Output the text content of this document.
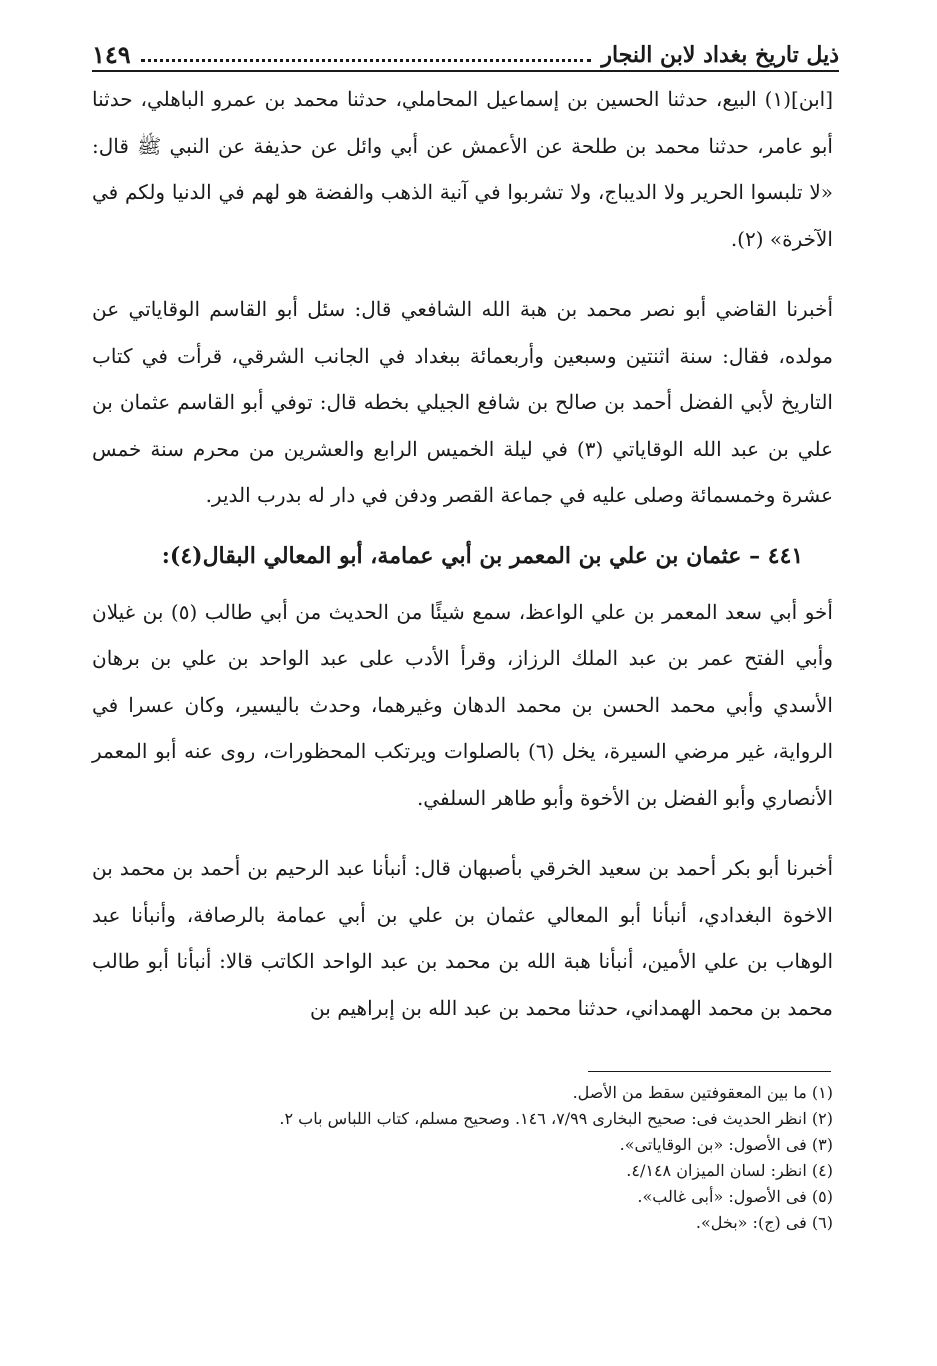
١٤٩	ذيل تاريخ بغداد لابن النجار

[ابن](١) البيع، حدثنا الحسين بن إسماعيل المحاملي، حدثنا محمد بن عمرو الباهلي، حدثنا أبو عامر، حدثنا محمد بن طلحة عن الأعمش عن أبي وائل عن حذيفة عن النبي ﷺ قال: «لا تلبسوا الحرير ولا الديباج، ولا تشربوا في آنية الذهب والفضة هو لهم في الدنيا ولكم في الآخرة» (٢).

أخبرنا القاضي أبو نصر محمد بن هبة الله الشافعي قال: سئل أبو القاسم الوقاياتي عن مولده، فقال: سنة اثنتين وسبعين وأربعمائة ببغداد في الجانب الشرقي، قرأت في كتاب التاريخ لأبي الفضل أحمد بن صالح بن شافع الجيلي بخطه قال: توفي أبو القاسم عثمان بن علي بن عبد الله الوقاياتي (٣) في ليلة الخميس الرابع والعشرين من محرم سنة خمس عشرة وخمسمائة وصلى عليه في جماعة القصر ودفن في دار له بدرب الدير.

٤٤١ – عثمان بن علي بن المعمر بن أبي عمامة، أبو المعالي البقال(٤):

أخو أبي سعد المعمر بن علي الواعظ، سمع شيئًا من الحديث من أبي طالب (٥) بن غيلان وأبي الفتح عمر بن عبد الملك الرزاز، وقرأ الأدب على عبد الواحد بن علي بن برهان الأسدي وأبي محمد الحسن بن محمد الدهان وغيرهما، وحدث باليسير، وكان عسرا في الرواية، غير مرضي السيرة، يخل (٦) بالصلوات ويرتكب المحظورات، روى عنه أبو المعمر الأنصاري وأبو الفضل بن الأخوة وأبو طاهر السلفي.

أخبرنا أبو بكر أحمد بن سعيد الخرقي بأصبهان قال: أنبأنا عبد الرحيم بن أحمد بن محمد بن الاخوة البغدادي، أنبأنا أبو المعالي عثمان بن علي بن أبي عمامة بالرصافة، وأنبأنا عبد الوهاب بن علي الأمين، أنبأنا هبة الله بن محمد بن عبد الواحد الكاتب قالا: أنبأنا أبو طالب محمد بن محمد الهمداني، حدثنا محمد بن عبد الله بن إبراهيم بن

(١) ما بين المعقوفتين سقط من الأصل.

(٢) انظر الحديث فى: صحيح البخارى ٧/٩٩، ١٤٦. وصحيح مسلم، كتاب اللباس باب ٢.

(٣) فى الأصول: «بن الوقاياتى».

(٤) انظر: لسان الميزان ٤/١٤٨.

(٥) فى الأصول: «أبى غالب».

(٦) فى (ج): «بخل».
